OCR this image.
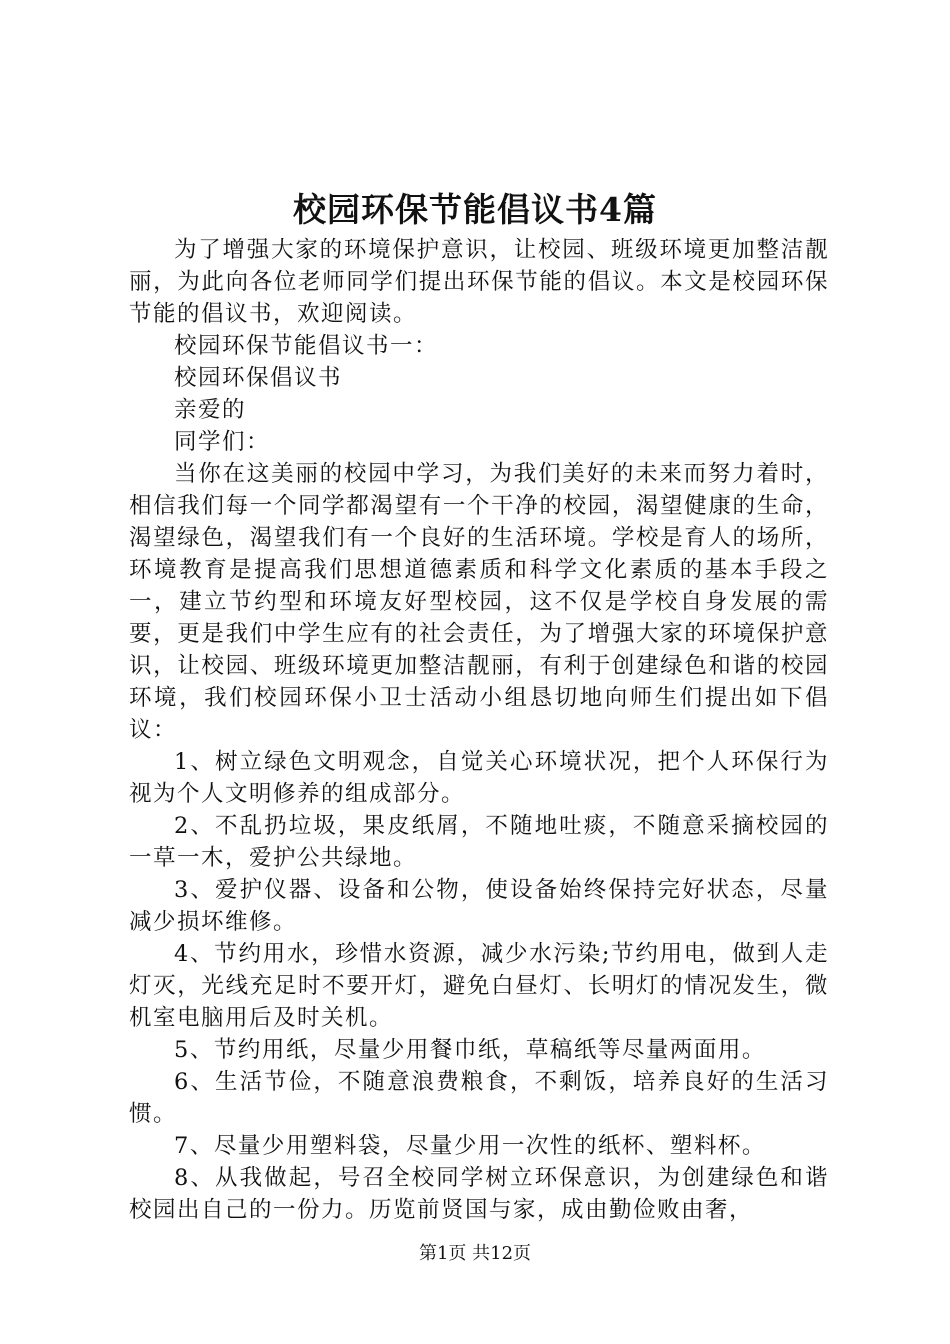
校园环保节能倡议书4篇

为了增强大家的环境保护意识，让校园、班级环境更加整洁靓丽，为此向各位老师同学们提出环保节能的倡议。本文是校园环保节能的倡议书，欢迎阅读。

校园环保节能倡议书一：

校园环保倡议书

亲爱的

同学们：

当你在这美丽的校园中学习，为我们美好的未来而努力着时，相信我们每一个同学都渴望有一个干净的校园，渴望健康的生命，渴望绿色，渴望我们有一个良好的生活环境。学校是育人的场所，环境教育是提高我们思想道德素质和科学文化素质的基本手段之一，建立节约型和环境友好型校园，这不仅是学校自身发展的需要，更是我们中学生应有的社会责任，为了增强大家的环境保护意识，让校园、班级环境更加整洁靓丽，有利于创建绿色和谐的校园环境，我们校园环保小卫士活动小组恳切地向师生们提出如下倡议：

1、树立绿色文明观念，自觉关心环境状况，把个人环保行为视为个人文明修养的组成部分。

2、不乱扔垃圾，果皮纸屑，不随地吐痰，不随意采摘校园的一草一木，爱护公共绿地。

3、爱护仪器、设备和公物，使设备始终保持完好状态，尽量减少损坏维修。

4、节约用水，珍惜水资源，减少水污染;节约用电，做到人走灯灭，光线充足时不要开灯，避免白昼灯、长明灯的情况发生，微机室电脑用后及时关机。

5、节约用纸，尽量少用餐巾纸，草稿纸等尽量两面用。

6、生活节俭，不随意浪费粮食，不剩饭，培养良好的生活习惯。

7、尽量少用塑料袋，尽量少用一次性的纸杯、塑料杯。

8、从我做起，号召全校同学树立环保意识，为创建绿色和谐校园出自己的一份力。历览前贤国与家，成由勤俭败由奢，

第1页 共12页
